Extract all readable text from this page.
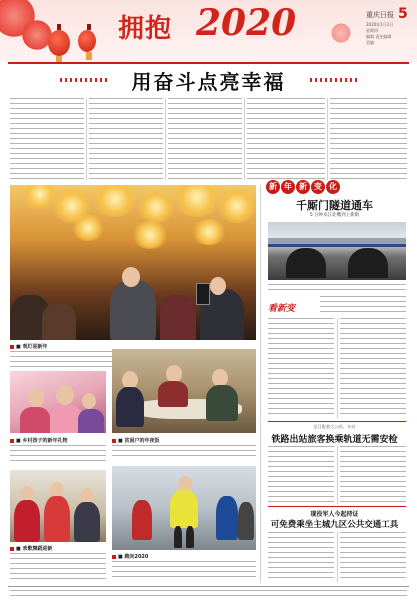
拥抱 2020	重庆日报 5
2020年1月2日
星期四
编辑 责任编辑
美编
用奋斗点亮幸福
■ 观灯迎新年
■ 乡村孩子的新年礼物	■ 贫困户的年夜饭
■ 欢歌舞蹈迎新
■ 跑向2020
新 年 新 变 化
千厮门隧道通车
5 分钟从江北嘴到上新街
看新变
沿江配套大公站、车站
铁路出站旅客换乘轨道无需安检
现役军人今起持证
可免费乘坐主城九区公共交通工具
